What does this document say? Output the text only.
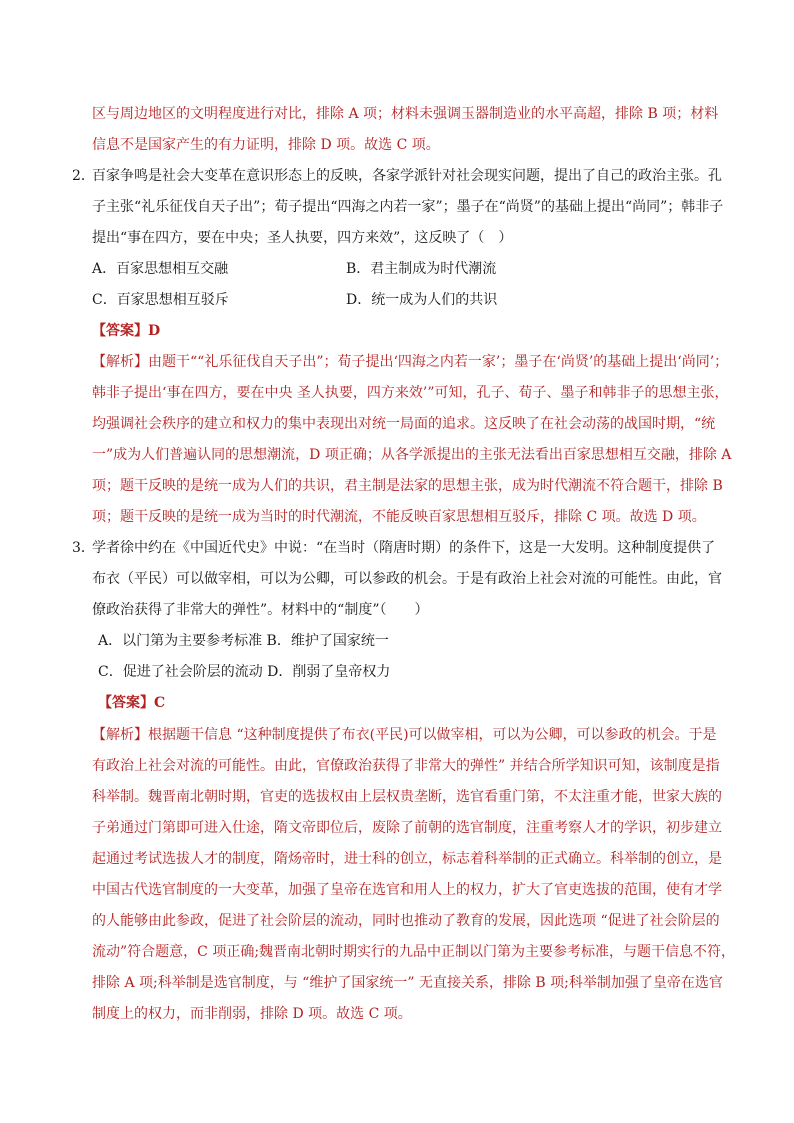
区与周边地区的文明程度进行对比，排除 A 项；材料未强调玉器制造业的水平高超，排除 B 项；材料
信息不是国家产生的有力证明，排除 D 项。故选 C 项。
2．
百家争鸣是社会大变革在意识形态上的反映，各家学派针对社会现实问题，提出了自己的政治主张。孔
子主张“礼乐征伐自天子出”；荀子提出“四海之内若一家”；墨子在“尚贤”的基础上提出“尚同”；韩非子
提出“事在四方，要在中央；圣人执要，四方来效”，这反映了（　）
A．百家思想相互交融	B．君主制成为时代潮流
C．百家思想相互驳斥	D．统一成为人们的共识
【答案】D
【解析】由题干““礼乐征伐自天子出”；荀子提出‘四海之内若一家’；墨子在‘尚贤’的基础上提出‘尚同’；
韩非子提出‘事在四方，要在中央 圣人执要，四方来效’”可知，孔子、荀子、墨子和韩非子的思想主张，
均强调社会秩序的建立和权力的集中表现出对统一局面的追求。这反映了在社会动荡的战国时期，“统
一”成为人们普遍认同的思想潮流，D 项正确；从各学派提出的主张无法看出百家思想相互交融，排除 A
项；题干反映的是统一成为人们的共识，君主制是法家的思想主张，成为时代潮流不符合题干，排除 B
项；题干反映的是统一成为当时的时代潮流，不能反映百家思想相互驳斥，排除 C 项。故选 D 项。
3．
学者徐中约在《中国近代史》中说：“在当时（隋唐时期）的条件下，这是一大发明。这种制度提供了
布衣（平民）可以做宰相，可以为公卿，可以参政的机会。于是有政治上社会对流的可能性。由此，官
僚政治获得了非常大的弹性”。材料中的“制度”（　　）
A．以门第为主要参考标准 B．维护了国家统一
C．促进了社会阶层的流动 D．削弱了皇帝权力
【答案】C
【解析】根据题干信息 “这种制度提供了布衣(平民)可以做宰相，可以为公卿，可以参政的机会。于是
有政治上社会对流的可能性。由此，官僚政治获得了非常大的弹性” 并结合所学知识可知，该制度是指
科举制。魏晋南北朝时期，官吏的选拔权由上层权贵垄断，选官看重门第，不太注重才能，世家大族的
子弟通过门第即可进入仕途，隋文帝即位后，废除了前朝的选官制度，注重考察人才的学识，初步建立
起通过考试选拔人才的制度，隋炀帝时，进士科的创立，标志着科举制的正式确立。科举制的创立，是
中国古代选官制度的一大变革，加强了皇帝在选官和用人上的权力，扩大了官吏选拔的范围，使有才学
的人能够由此参政，促进了社会阶层的流动，同时也推动了教育的发展，因此选项 “促进了社会阶层的
流动”符合题意，C 项正确;魏晋南北朝时期实行的九品中正制以门第为主要参考标准，与题干信息不符，
排除 A 项;科举制是选官制度，与 “维护了国家统一” 无直接关系，排除 B 项;科举制加强了皇帝在选官
制度上的权力，而非削弱，排除 D 项。故选 C 项。
